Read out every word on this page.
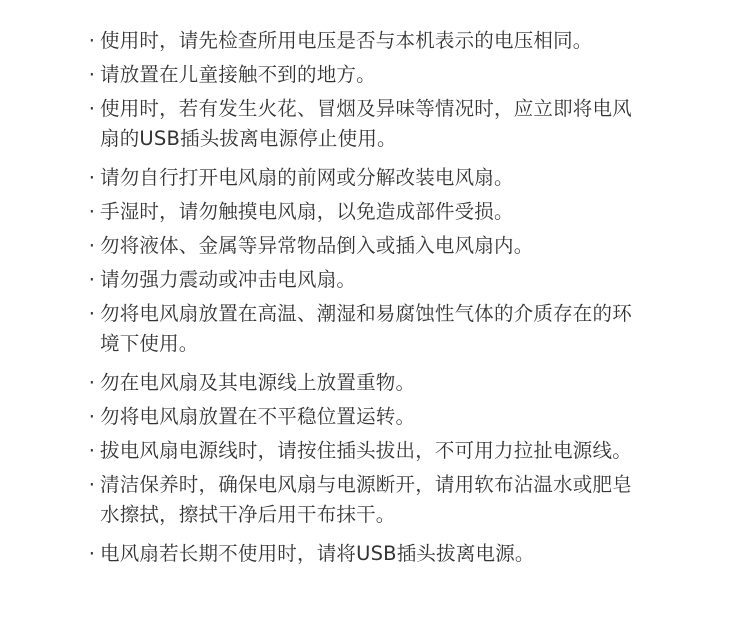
· 使用时，请先检查所用电压是否与本机表示的电压相同。
· 请放置在儿童接触不到的地方。
· 使用时，若有发生火花、冒烟及异味等情况时，应立即将电风
扇的USB插头拔离电源停止使用。
· 请勿自行打开电风扇的前网或分解改装电风扇。
· 手湿时，请勿触摸电风扇，以免造成部件受损。
· 勿将液体、金属等异常物品倒入或插入电风扇内。
· 请勿强力震动或冲击电风扇。
· 勿将电风扇放置在高温、潮湿和易腐蚀性气体的介质存在的环
境下使用。
· 勿在电风扇及其电源线上放置重物。
· 勿将电风扇放置在不平稳位置运转。
· 拔电风扇电源线时，请按住插头拔出，不可用力拉扯电源线。
· 清洁保养时，确保电风扇与电源断开，请用软布沾温水或肥皂
水擦拭，擦拭干净后用干布抹干。
· 电风扇若长期不使用时，请将USB插头拔离电源。
